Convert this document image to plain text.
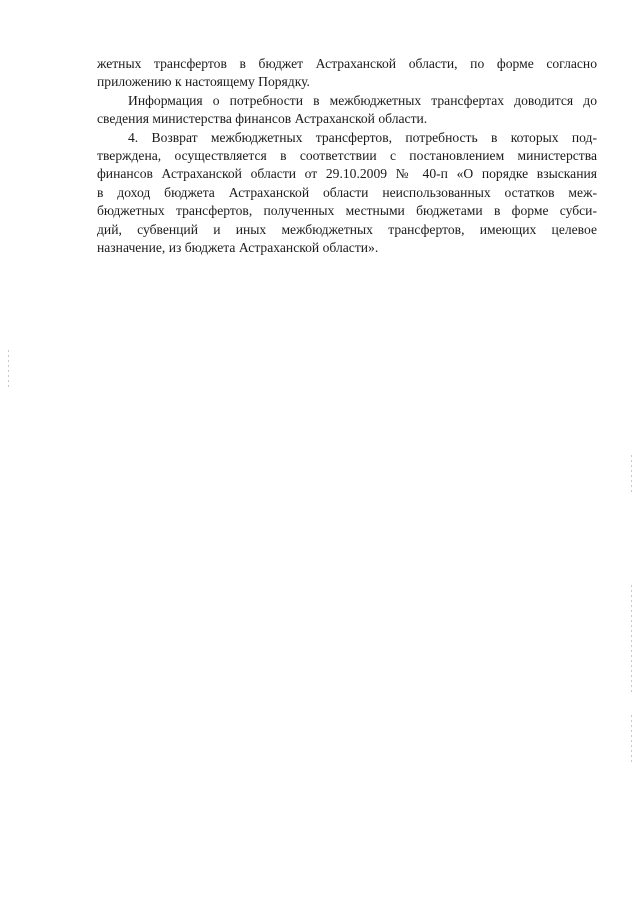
жетных трансфертов в бюджет Астраханской области, по форме согласно
приложению к настоящему Порядку.
Информация о потребности в межбюджетных трансфертах доводится до
сведения министерства финансов Астраханской области.
4. Возврат межбюджетных трансфертов, потребность в которых под-
тверждена, осуществляется в соответствии с постановлением министерства
финансов Астраханской области от 29.10.2009 № 40-п «О порядке взыскания
в доход бюджета Астраханской области неиспользованных остатков меж-
бюджетных трансфертов, полученных местными бюджетами в форме субси-
дий, субвенций и иных межбюджетных трансфертов, имеющих целевое
назначение, из бюджета Астраханской области».
